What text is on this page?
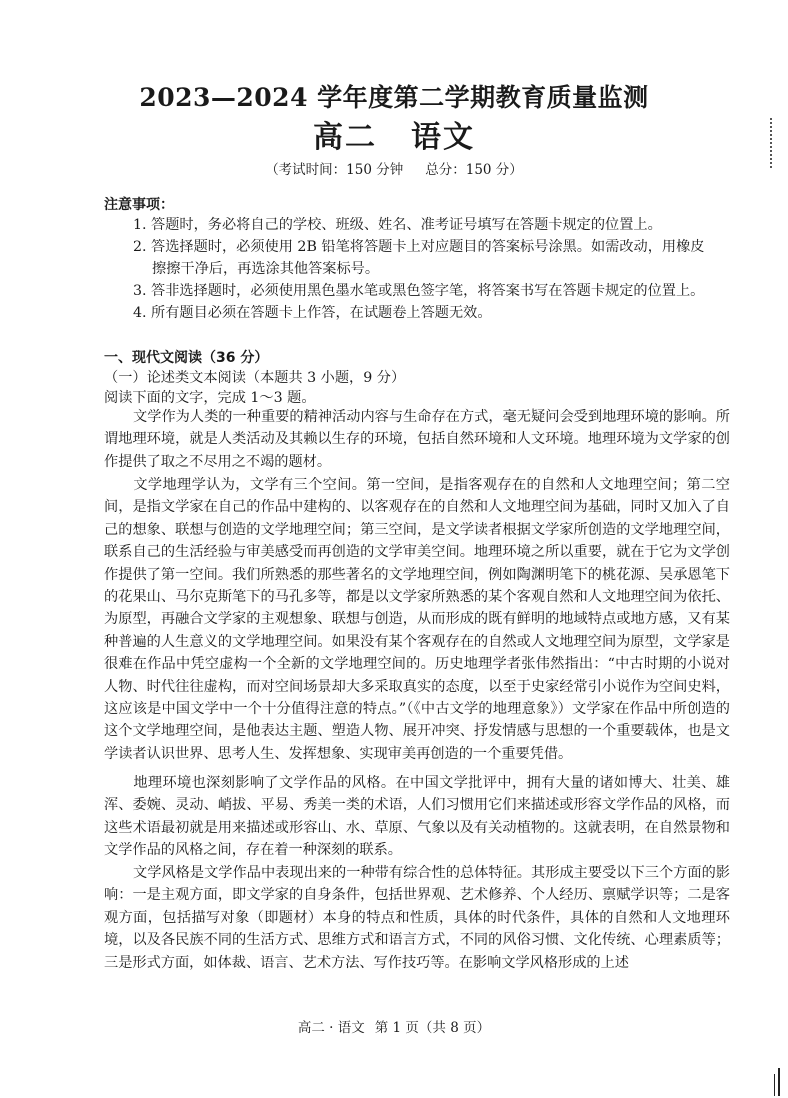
2023—2024 学年度第二学期教育质量监测
高二 语文
（考试时间：150 分钟 总分：150 分）
注意事项：
1. 答题时，务必将自己的学校、班级、姓名、准考证号填写在答题卡规定的位置上。
2. 答选择题时，必须使用 2B 铅笔将答题卡上对应题目的答案标号涂黑。如需改动，用橡皮
擦擦干净后，再选涂其他答案标号。
3. 答非选择题时，必须使用黑色墨水笔或黑色签字笔，将答案书写在答题卡规定的位置上。
4. 所有题目必须在答题卡上作答，在试题卷上答题无效。
一、现代文阅读（36 分）
（一）论述类文本阅读（本题共 3 小题，9 分）
阅读下面的文字，完成 1～3 题。
文学作为人类的一种重要的精神活动内容与生命存在方式，毫无疑问会受到地理环境的影响。所谓地理环境，就是人类活动及其赖以生存的环境，包括自然环境和人文环境。地理环境为文学家的创作提供了取之不尽用之不竭的题材。
文学地理学认为，文学有三个空间。第一空间，是指客观存在的自然和人文地理空间；第二空间，是指文学家在自己的作品中建构的、以客观存在的自然和人文地理空间为基础，同时又加入了自己的想象、联想与创造的文学地理空间；第三空间，是文学读者根据文学家所创造的文学地理空间，联系自己的生活经验与审美感受而再创造的文学审美空间。地理环境之所以重要，就在于它为文学创作提供了第一空间。我们所熟悉的那些著名的文学地理空间，例如陶渊明笔下的桃花源、吴承恩笔下的花果山、马尔克斯笔下的马孔多等，都是以文学家所熟悉的某个客观自然和人文地理空间为依托、为原型，再融合文学家的主观想象、联想与创造，从而形成的既有鲜明的地域特点或地方感，又有某种普遍的人生意义的文学地理空间。如果没有某个客观存在的自然或人文地理空间为原型，文学家是很难在作品中凭空虚构一个全新的文学地理空间的。历史地理学者张伟然指出：“中古时期的小说对人物、时代往往虚构，而对空间场景却大多采取真实的态度，以至于史家经常引小说作为空间史料，这应该是中国文学中一个十分值得注意的特点。”（《中古文学的地理意象》）文学家在作品中所创造的这个文学地理空间，是他表达主题、塑造人物、展开冲突、抒发情感与思想的一个重要载体，也是文学读者认识世界、思考人生、发挥想象、实现审美再创造的一个重要凭借。
地理环境也深刻影响了文学作品的风格。在中国文学批评中，拥有大量的诸如博大、壮美、雄浑、委婉、灵动、峭拔、平易、秀美一类的术语，人们习惯用它们来描述或形容文学作品的风格，而这些术语最初就是用来描述或形容山、水、草原、气象以及有关动植物的。这就表明，在自然景物和文学作品的风格之间，存在着一种深刻的联系。
文学风格是文学作品中表现出来的一种带有综合性的总体特征。其形成主要受以下三个方面的影响：一是主观方面，即文学家的自身条件，包括世界观、艺术修养、个人经历、禀赋学识等；二是客观方面，包括描写对象（即题材）本身的特点和性质，具体的时代条件，具体的自然和人文地理环境，以及各民族不同的生活方式、思维方式和语言方式，不同的风俗习惯、文化传统、心理素质等；三是形式方面，如体裁、语言、艺术方法、写作技巧等。在影响文学风格形成的上述
高二 · 语文 第 1 页（共 8 页）
